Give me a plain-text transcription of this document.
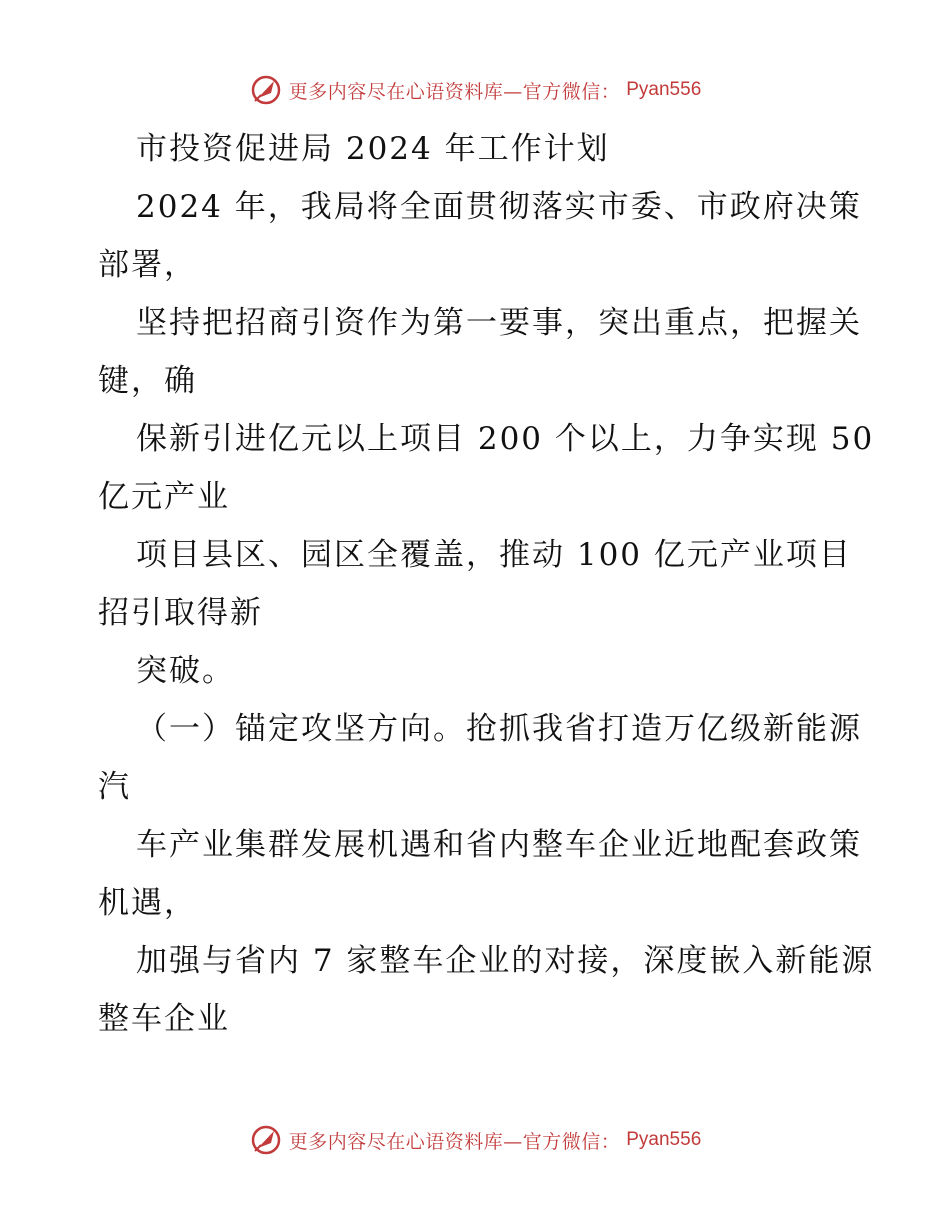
更多内容尽在心语资料库—官方微信： Pyan556

市投资促进局 2024 年工作计划

2024 年，我局将全面贯彻落实市委、市政府决策部署，

坚持把招商引资作为第一要事，突出重点，把握关键，确

保新引进亿元以上项目 200 个以上，力争实现 50 亿元产业

项目县区、园区全覆盖，推动 100 亿元产业项目招引取得新

突破。

（一）锚定攻坚方向。抢抓我省打造万亿级新能源汽

车产业集群发展机遇和省内整车企业近地配套政策机遇，

加强与省内 7 家整车企业的对接，深度嵌入新能源整车企业

更多内容尽在心语资料库—官方微信： Pyan556
